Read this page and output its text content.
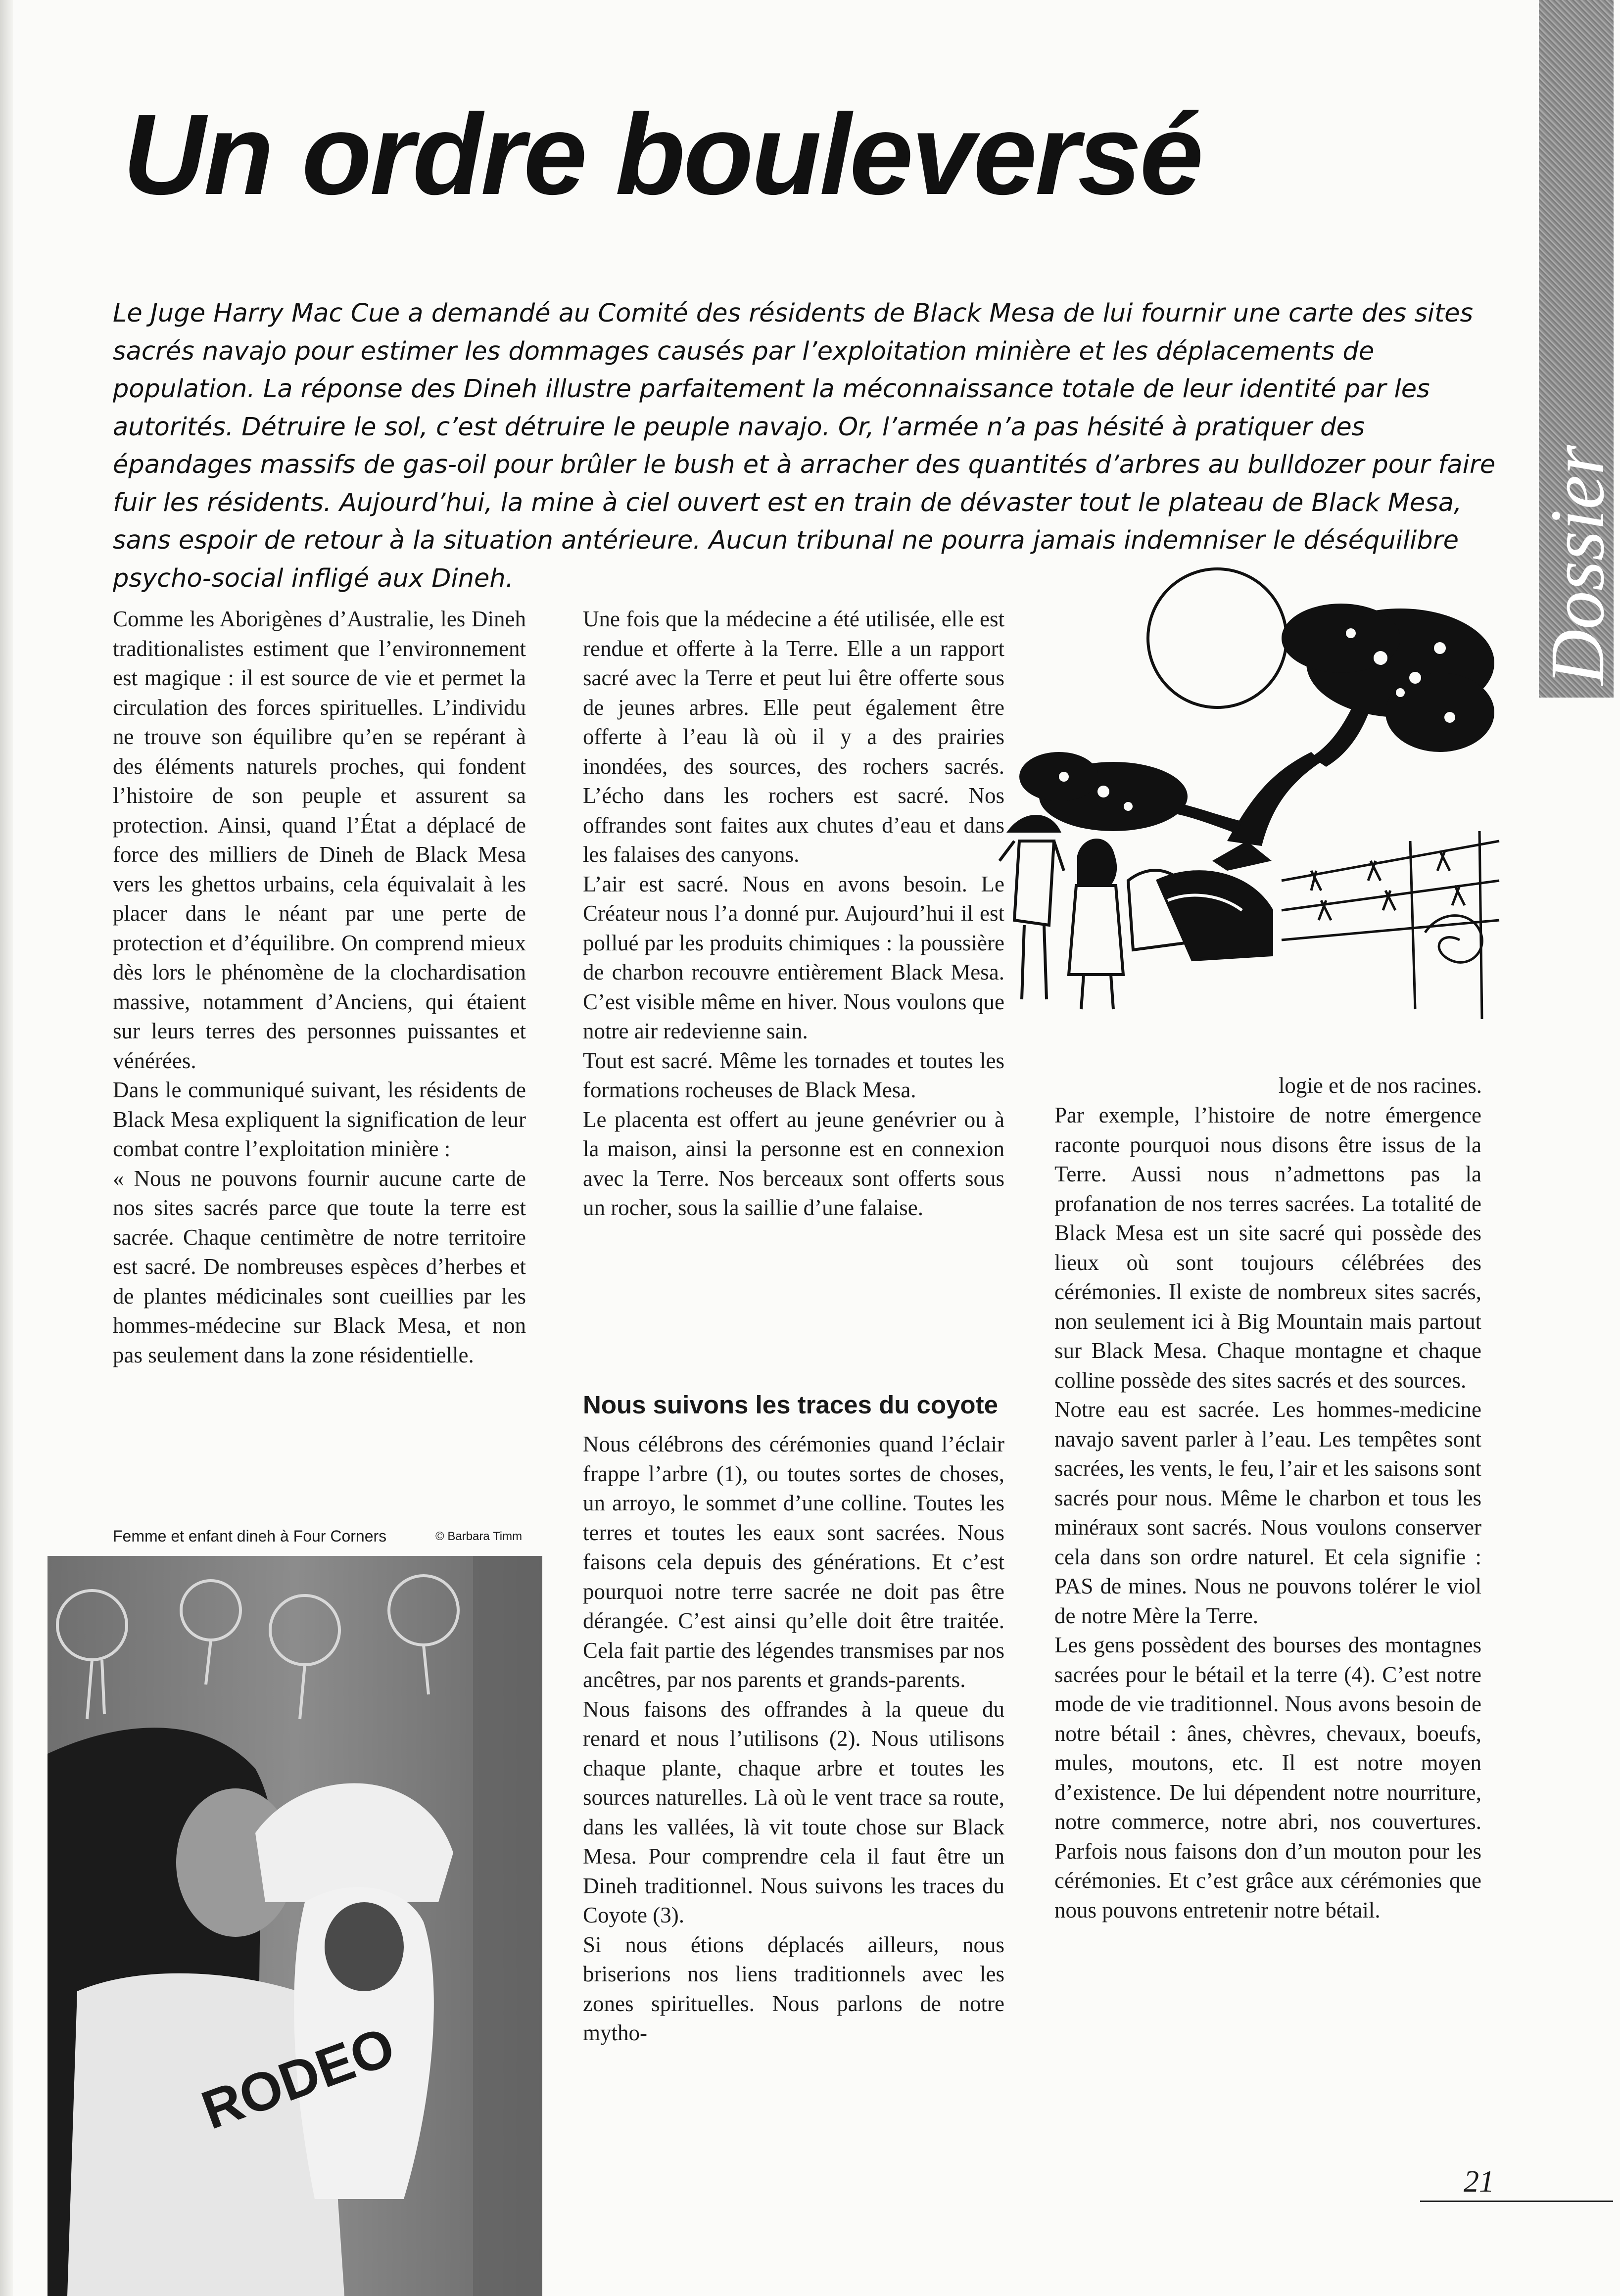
Dossier
Un ordre bouleversé

Le Juge Harry Mac Cue a demandé au Comité des résidents de Black Mesa de lui fournir une carte des sites sacrés navajo pour estimer les dommages causés par l’exploitation minière et les déplacements de population. La réponse des Dineh illustre parfaitement la méconnaissance totale de leur identité par les autorités. Détruire le sol, c’est détruire le peuple navajo. Or, l’armée n’a pas hésité à pratiquer des épandages massifs de gas-oil pour brûler le bush et à arracher des quantités d’arbres au bulldozer pour faire fuir les résidents. Aujourd’hui, la mine à ciel ouvert est en train de dévaster tout le plateau de Black Mesa, sans espoir de retour à la situation antérieure. Aucun tribunal ne pourra jamais indemniser le déséquilibre psycho-social infligé aux Dineh.

Comme les Aborigènes d’Australie, les Dineh traditionalistes estiment que l’environnement est magique : il est source de vie et permet la circulation des forces spirituelles. L’individu ne trouve son équilibre qu’en se repérant à des éléments naturels proches, qui fondent l’histoire de son peuple et assurent sa protection. Ainsi, quand l’État a déplacé de force des milliers de Dineh de Black Mesa vers les ghettos urbains, cela équivalait à les placer dans le néant par une perte de protection et d’équilibre. On comprend mieux dès lors le phénomène de la clochardisation massive, notamment d’Anciens, qui étaient sur leurs terres des personnes puissantes et vénérées.

Dans le communiqué suivant, les résidents de Black Mesa expliquent la signification de leur combat contre l’exploitation minière :

« Nous ne pouvons fournir aucune carte de nos sites sacrés parce que toute la terre est sacrée. Chaque centimètre de notre territoire est sacré. De nombreuses espèces d’herbes et de plantes médicinales sont cueillies par les hommes-médecine sur Black Mesa, et non pas seulement dans la zone résidentielle.

Une fois que la médecine a été utilisée, elle est rendue et offerte à la Terre. Elle a un rapport sacré avec la Terre et peut lui être offerte sous de jeunes arbres. Elle peut également être offerte à l’eau là où il y a des prairies inondées, des sources, des rochers sacrés. L’écho dans les rochers est sacré. Nos offrandes sont faites aux chutes d’eau et dans les falaises des canyons.

L’air est sacré. Nous en avons besoin. Le Créateur nous l’a donné pur. Aujourd’hui il est pollué par les produits chimiques : la poussière de charbon recouvre entièrement Black Mesa. C’est visible même en hiver. Nous voulons que notre air redevienne sain.

Tout est sacré. Même les tornades et toutes les formations rocheuses de Black Mesa.

Le placenta est offert au jeune genévrier ou à la maison, ainsi la personne est en connexion avec la Terre. Nos berceaux sont offerts sous un rocher, sous la saillie d’une falaise.

Nous suivons les traces du coyote

Nous célébrons des cérémonies quand l’éclair frappe l’arbre (1), ou toutes sortes de choses, un arroyo, le sommet d’une colline. Toutes les terres et toutes les eaux sont sacrées. Nous faisons cela depuis des générations. Et c’est pourquoi notre terre sacrée ne doit pas être dérangée. C’est ainsi qu’elle doit être traitée. Cela fait partie des légendes transmises par nos ancêtres, par nos parents et grands-parents.

Nous faisons des offrandes à la queue du renard et nous l’utilisons (2). Nous utilisons chaque plante, chaque arbre et toutes les sources naturelles. Là où le vent trace sa route, dans les vallées, là vit toute chose sur Black Mesa. Pour comprendre cela il faut être un Dineh traditionnel. Nous suivons les traces du Coyote (3).

Si nous étions déplacés ailleurs, nous briserions nos liens traditionnels avec les zones spirituelles. Nous parlons de notre mytho-

logie et de nos racines.

Par exemple, l’histoire de notre émergence raconte pourquoi nous disons être issus de la Terre. Aussi nous n’admettons pas la profanation de nos terres sacrées. La totalité de Black Mesa est un site sacré qui possède des lieux où sont toujours célébrées des cérémonies. Il existe de nombreux sites sacrés, non seulement ici à Big Mountain mais partout sur Black Mesa. Chaque montagne et chaque colline possède des sites sacrés et des sources.

Notre eau est sacrée. Les hommes-medicine navajo savent parler à l’eau. Les tempêtes sont sacrées, les vents, le feu, l’air et les saisons sont sacrés pour nous. Même le charbon et tous les minéraux sont sacrés. Nous voulons conserver cela dans son ordre naturel. Et cela signifie : PAS de mines. Nous ne pouvons tolérer le viol de notre Mère la Terre.

Les gens possèdent des bourses des montagnes sacrées pour le bétail et la terre (4). C’est notre mode de vie traditionnel. Nous avons besoin de notre bétail : ânes, chèvres, chevaux, boeufs, mules, moutons, etc. Il est notre moyen d’existence. De lui dépendent notre nourriture, notre commerce, notre abri, nos couvertures. Parfois nous faisons don d’un mouton pour les cérémonies. Et c’est grâce aux cérémonies que nous pouvons entretenir notre bétail.

Femme et enfant dineh à Four Corners	© Barbara Timm
RODEO
21
